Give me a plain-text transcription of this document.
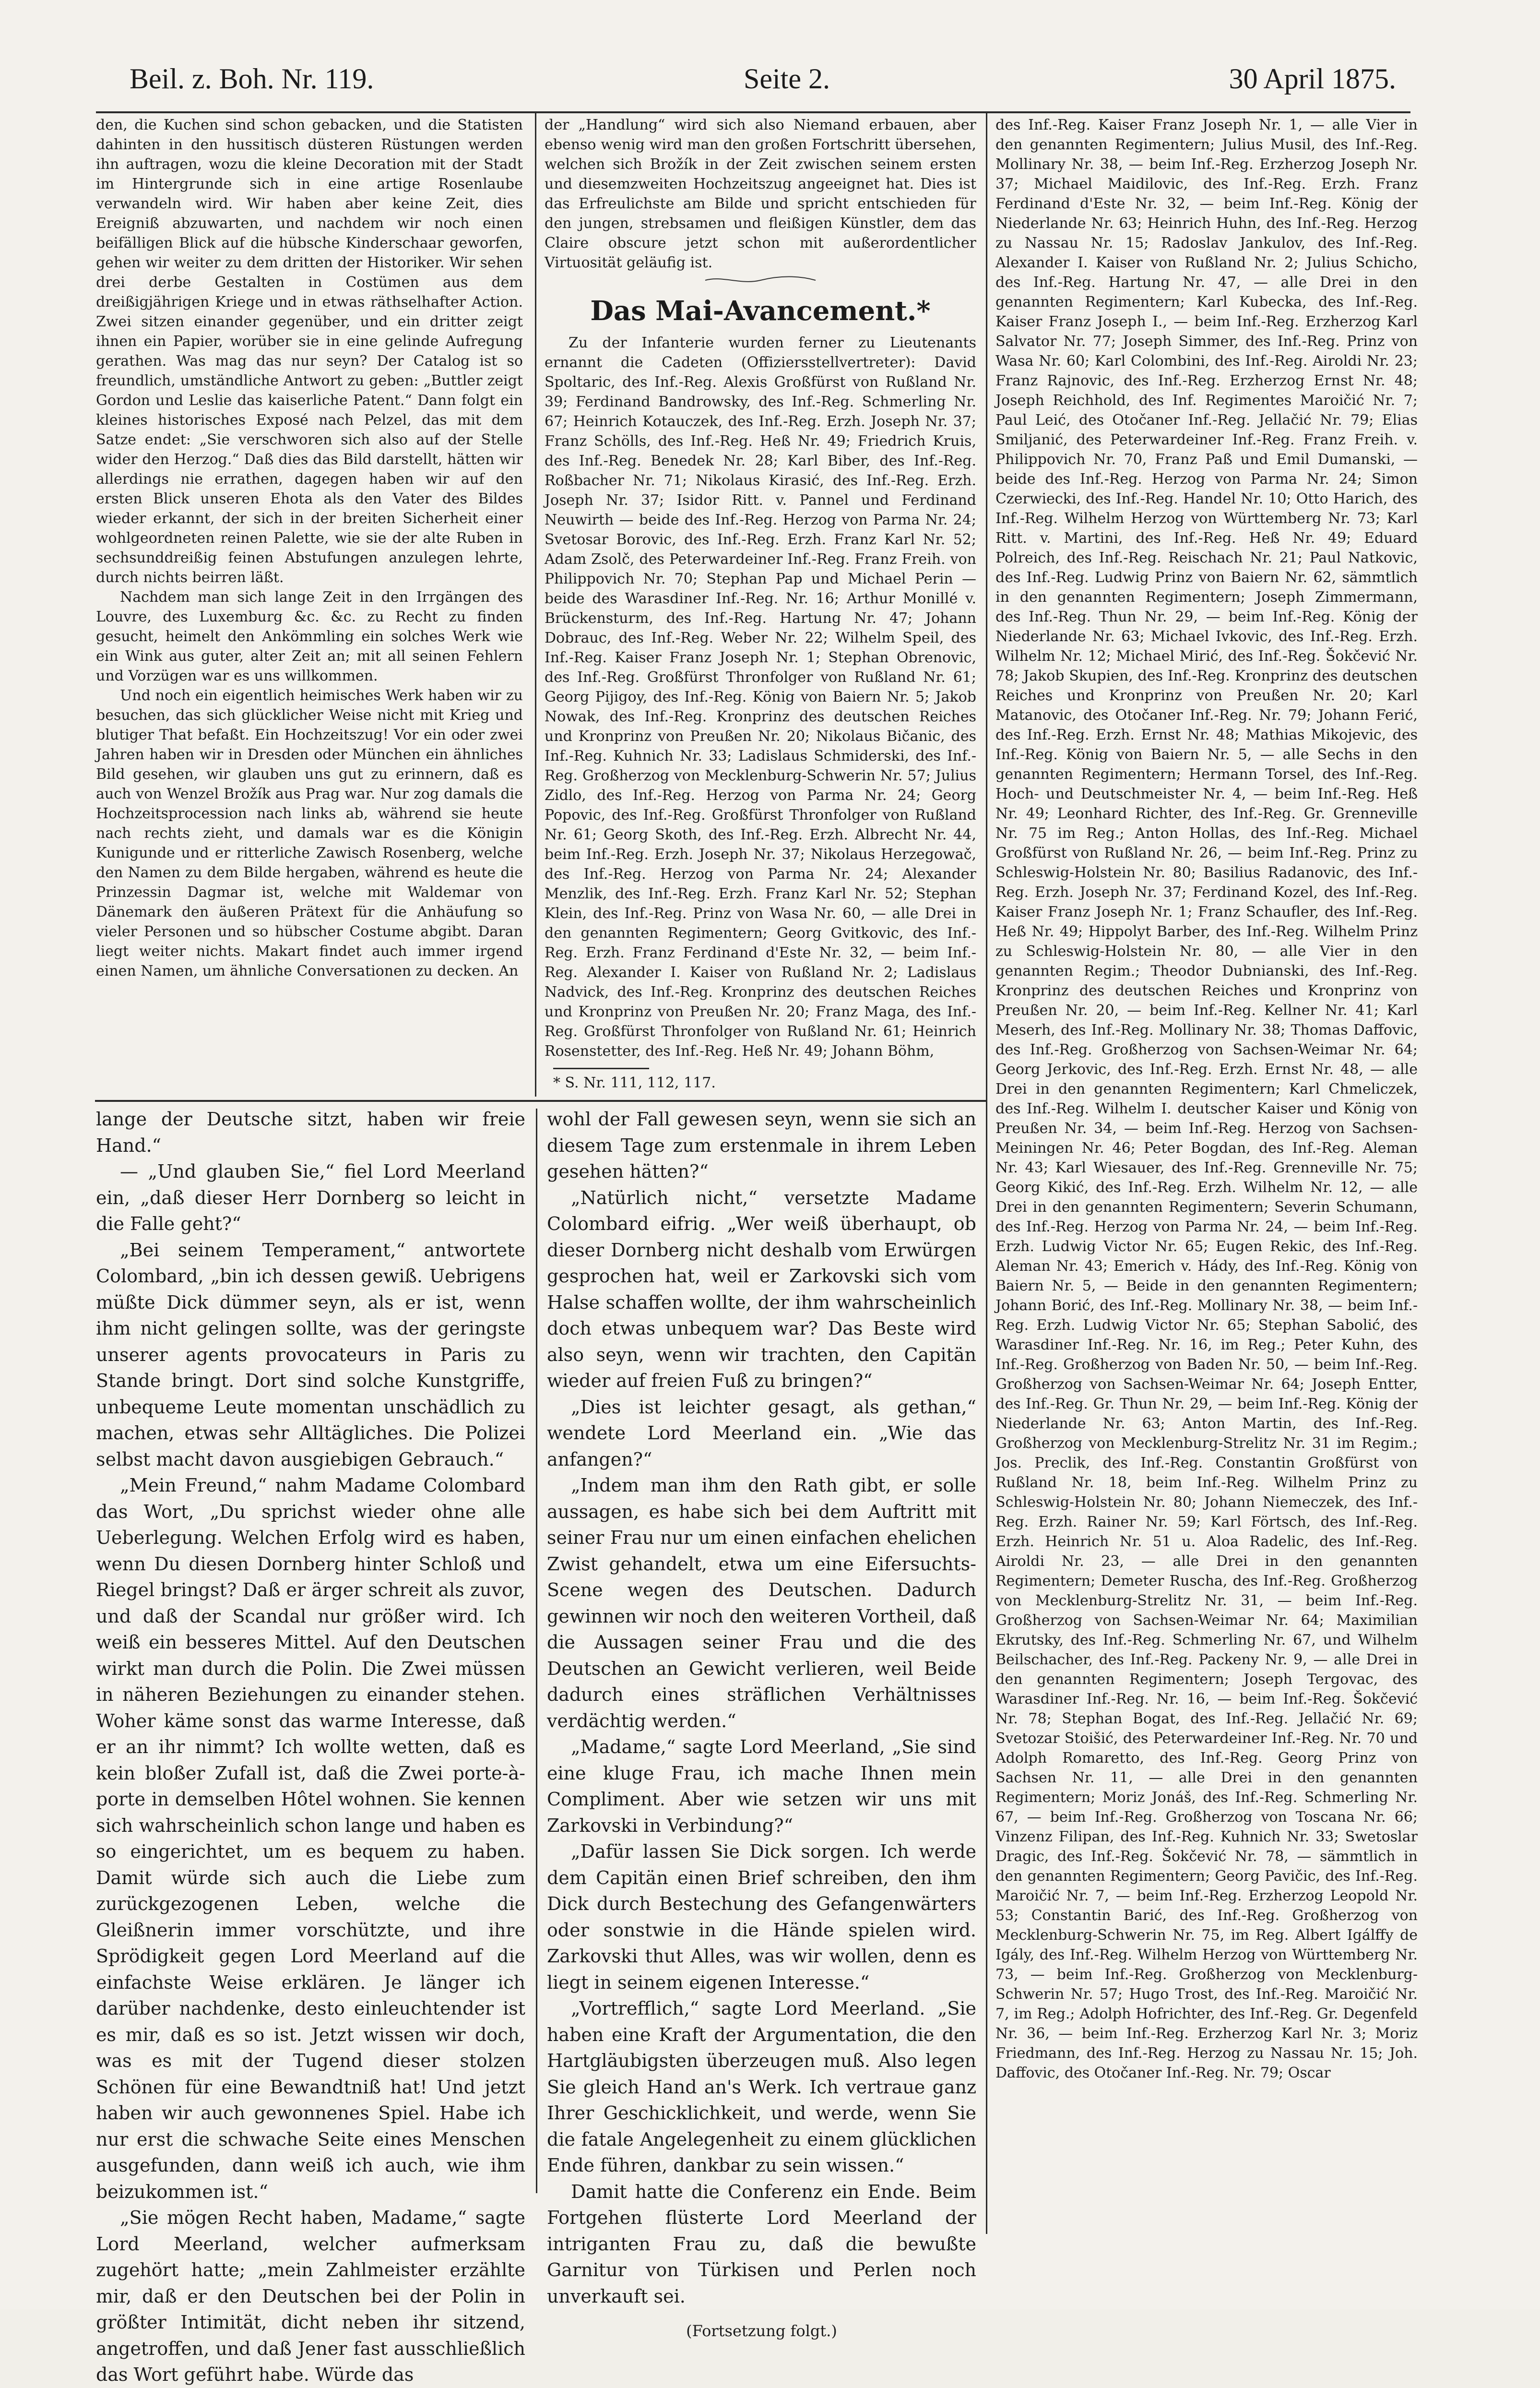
Beil. z. Boh. Nr. 119.	Seite 2.	30 April 1875.

den, die Kuchen sind schon gebacken, und die Statisten dahinten in den hussitisch düsteren Rüstungen werden ihn auftragen, wozu die kleine Decoration mit der Stadt im Hintergrunde sich in eine artige Rosenlaube verwandeln wird. Wir haben aber keine Zeit, dies Ereigniß abzuwarten, und nachdem wir noch einen beifälligen Blick auf die hübsche Kinderschaar geworfen, gehen wir weiter zu dem dritten der Historiker. Wir sehen drei derbe Gestalten in Costümen aus dem dreißigjährigen Kriege und in etwas räthselhafter Action. Zwei sitzen einander gegenüber, und ein dritter zeigt ihnen ein Papier, worüber sie in eine gelinde Aufregung gerathen. Was mag das nur seyn? Der Catalog ist so freundlich, umständliche Antwort zu geben: „Buttler zeigt Gordon und Leslie das kaiserliche Patent.“ Dann folgt ein kleines historisches Exposé nach Pelzel, das mit dem Satze endet: „Sie verschworen sich also auf der Stelle wider den Herzog.“ Daß dies das Bild darstellt, hätten wir allerdings nie errathen, dagegen haben wir auf den ersten Blick unseren Ehota als den Vater des Bildes wieder erkannt, der sich in der breiten Sicherheit einer wohlgeordneten reinen Palette, wie sie der alte Ruben in sechsunddreißig feinen Abstufungen anzulegen lehrte, durch nichts beirren läßt.

Nachdem man sich lange Zeit in den Irrgängen des Louvre, des Luxemburg &c. &c. zu Recht zu finden gesucht, heimelt den Ankömmling ein solches Werk wie ein Wink aus guter, alter Zeit an; mit all seinen Fehlern und Vorzügen war es uns willkommen.

Und noch ein eigentlich heimisches Werk haben wir zu besuchen, das sich glücklicher Weise nicht mit Krieg und blutiger That befaßt. Ein Hochzeitszug! Vor ein oder zwei Jahren haben wir in Dresden oder München ein ähnliches Bild gesehen, wir glauben uns gut zu erinnern, daß es auch von Wenzel Brožík aus Prag war. Nur zog damals die Hochzeitsprocession nach links ab, während sie heute nach rechts zieht, und damals war es die Königin Kunigunde und er ritterliche Zawisch Rosenberg, welche den Namen zu dem Bilde hergaben, während es heute die Prinzessin Dagmar ist, welche mit Waldemar von Dänemark den äußeren Prätext für die Anhäufung so vieler Personen und so hübscher Costume abgibt. Daran liegt weiter nichts. Makart findet auch immer irgend einen Namen, um ähnliche Conversationen zu decken. An

der „Handlung“ wird sich also Niemand erbauen, aber ebenso wenig wird man den großen Fortschritt übersehen, welchen sich Brožík in der Zeit zwischen seinem ersten und diesemzweiten Hochzeitszug angeeignet hat. Dies ist das Erfreulichste am Bilde und spricht entschieden für den jungen, strebsamen und fleißigen Künstler, dem das Claire obscure jetzt schon mit außerordentlicher Virtuosität geläufig ist.

Das Mai-Avancement.*

Zu der Infanterie wurden ferner zu Lieutenants ernannt die Cadeten (Offiziersstellvertreter): David Spoltaric, des Inf.-Reg. Alexis Großfürst von Rußland Nr. 39; Ferdinand Bandrowsky, des Inf.-Reg. Schmerling Nr. 67; Heinrich Kotauczek, des Inf.-Reg. Erzh. Joseph Nr. 37; Franz Schölls, des Inf.-Reg. Heß Nr. 49; Friedrich Kruis, des Inf.-Reg. Benedek Nr. 28; Karl Biber, des Inf.-Reg. Roßbacher Nr. 71; Nikolaus Kirasić, des Inf.-Reg. Erzh. Joseph Nr. 37; Isidor Ritt. v. Pannel und Ferdinand Neuwirth — beide des Inf.-Reg. Herzog von Parma Nr. 24; Svetosar Borovic, des Inf.-Reg. Erzh. Franz Karl Nr. 52; Adam Zsolč, des Peterwardeiner Inf.-Reg. Franz Freih. von Philippovich Nr. 70; Stephan Pap und Michael Perin — beide des Warasdiner Inf.-Reg. Nr. 16; Arthur Monillé v. Brückensturm, des Inf.-Reg. Hartung Nr. 47; Johann Dobrauc, des Inf.-Reg. Weber Nr. 22; Wilhelm Speil, des Inf.-Reg. Kaiser Franz Joseph Nr. 1; Stephan Obrenovic, des Inf.-Reg. Großfürst Thronfolger von Rußland Nr. 61; Georg Pijigoy, des Inf.-Reg. König von Baiern Nr. 5; Jakob Nowak, des Inf.-Reg. Kronprinz des deutschen Reiches und Kronprinz von Preußen Nr. 20; Nikolaus Bičanic, des Inf.-Reg. Kuhnich Nr. 33; Ladislaus Schmiderski, des Inf.-Reg. Großherzog von Mecklenburg-Schwerin Nr. 57; Julius Zidlo, des Inf.-Reg. Herzog von Parma Nr. 24; Georg Popovic, des Inf.-Reg. Großfürst Thronfolger von Rußland Nr. 61; Georg Skoth, des Inf.-Reg. Erzh. Albrecht Nr. 44, beim Inf.-Reg. Erzh. Joseph Nr. 37; Nikolaus Herzegowač, des Inf.-Reg. Herzog von Parma Nr. 24; Alexander Menzlik, des Inf.-Reg. Erzh. Franz Karl Nr. 52; Stephan Klein, des Inf.-Reg. Prinz von Wasa Nr. 60, — alle Drei in den genannten Regimentern; Georg Gvitkovic, des Inf.-Reg. Erzh. Franz Ferdinand d'Este Nr. 32, — beim Inf.-Reg. Alexander I. Kaiser von Rußland Nr. 2; Ladislaus Nadvick, des Inf.-Reg. Kronprinz des deutschen Reiches und Kronprinz von Preußen Nr. 20; Franz Maga, des Inf.-Reg. Großfürst Thronfolger von Rußland Nr. 61; Heinrich Rosenstetter, des Inf.-Reg. Heß Nr. 49; Johann Böhm,

* S. Nr. 111, 112, 117.

des Inf.-Reg. Kaiser Franz Joseph Nr. 1, — alle Vier in den genannten Regimentern; Julius Musil, des Inf.-Reg. Mollinary Nr. 38, — beim Inf.-Reg. Erzherzog Joseph Nr. 37; Michael Maidilovic, des Inf.-Reg. Erzh. Franz Ferdinand d'Este Nr. 32, — beim Inf.-Reg. König der Niederlande Nr. 63; Heinrich Huhn, des Inf.-Reg. Herzog zu Nassau Nr. 15; Radoslav Jankulov, des Inf.-Reg. Alexander I. Kaiser von Rußland Nr. 2; Julius Schicho, des Inf.-Reg. Hartung Nr. 47, — alle Drei in den genannten Regimentern; Karl Kubecka, des Inf.-Reg. Kaiser Franz Joseph I., — beim Inf.-Reg. Erzherzog Karl Salvator Nr. 77; Joseph Simmer, des Inf.-Reg. Prinz von Wasa Nr. 60; Karl Colombini, des Inf.-Reg. Airoldi Nr. 23; Franz Rajnovic, des Inf.-Reg. Erzherzog Ernst Nr. 48; Joseph Reichhold, des Inf. Regimentes Maroičić Nr. 7; Paul Leić, des Otočaner Inf.-Reg. Jellačić Nr. 79; Elias Smiljanić, des Peterwardeiner Inf.-Reg. Franz Freih. v. Philippovich Nr. 70, Franz Paß und Emil Dumanski, — beide des Inf.-Reg. Herzog von Parma Nr. 24; Simon Czerwiecki, des Inf.-Reg. Handel Nr. 10; Otto Harich, des Inf.-Reg. Wilhelm Herzog von Württemberg Nr. 73; Karl Ritt. v. Martini, des Inf.-Reg. Heß Nr. 49; Eduard Polreich, des Inf.-Reg. Reischach Nr. 21; Paul Natkovic, des Inf.-Reg. Ludwig Prinz von Baiern Nr. 62, sämmtlich in den genannten Regimentern; Joseph Zimmermann, des Inf.-Reg. Thun Nr. 29, — beim Inf.-Reg. König der Niederlande Nr. 63; Michael Ivkovic, des Inf.-Reg. Erzh. Wilhelm Nr. 12; Michael Mirić, des Inf.-Reg. Šokčević Nr. 78; Jakob Skupien, des Inf.-Reg. Kronprinz des deutschen Reiches und Kronprinz von Preußen Nr. 20; Karl Matanovic, des Otočaner Inf.-Reg. Nr. 79; Johann Ferić, des Inf.-Reg. Erzh. Ernst Nr. 48; Mathias Mikojevic, des Inf.-Reg. König von Baiern Nr. 5, — alle Sechs in den genannten Regimentern; Hermann Torsel, des Inf.-Reg. Hoch- und Deutschmeister Nr. 4, — beim Inf.-Reg. Heß Nr. 49; Leonhard Richter, des Inf.-Reg. Gr. Grenneville Nr. 75 im Reg.; Anton Hollas, des Inf.-Reg. Michael Großfürst von Rußland Nr. 26, — beim Inf.-Reg. Prinz zu Schleswig-Holstein Nr. 80; Basilius Radanovic, des Inf.-Reg. Erzh. Joseph Nr. 37; Ferdinand Kozel, des Inf.-Reg. Kaiser Franz Joseph Nr. 1; Franz Schaufler, des Inf.-Reg. Heß Nr. 49; Hippolyt Barber, des Inf.-Reg. Wilhelm Prinz zu Schleswig-Holstein Nr. 80, — alle Vier in den genannten Regim.; Theodor Dubnianski, des Inf.-Reg. Kronprinz des deutschen Reiches und Kronprinz von Preußen Nr. 20, — beim Inf.-Reg. Kellner Nr. 41; Karl Meserh, des Inf.-Reg. Mollinary Nr. 38; Thomas Daffovic, des Inf.-Reg. Großherzog von Sachsen-Weimar Nr. 64; Georg Jerkovic, des Inf.-Reg. Erzh. Ernst Nr. 48, — alle Drei in den genannten Regimentern; Karl Chmeliczek, des Inf.-Reg. Wilhelm I. deutscher Kaiser und König von Preußen Nr. 34, — beim Inf.-Reg. Herzog von Sachsen-Meiningen Nr. 46; Peter Bogdan, des Inf.-Reg. Aleman Nr. 43; Karl Wiesauer, des Inf.-Reg. Grenneville Nr. 75; Georg Kikić, des Inf.-Reg. Erzh. Wilhelm Nr. 12, — alle Drei in den genannten Regimentern; Severin Schumann, des Inf.-Reg. Herzog von Parma Nr. 24, — beim Inf.-Reg. Erzh. Ludwig Victor Nr. 65; Eugen Rekic, des Inf.-Reg. Aleman Nr. 43; Emerich v. Hády, des Inf.-Reg. König von Baiern Nr. 5, — Beide in den genannten Regimentern; Johann Borić, des Inf.-Reg. Mollinary Nr. 38, — beim Inf.-Reg. Erzh. Ludwig Victor Nr. 65; Stephan Sabolić, des Warasdiner Inf.-Reg. Nr. 16, im Reg.; Peter Kuhn, des Inf.-Reg. Großherzog von Baden Nr. 50, — beim Inf.-Reg. Großherzog von Sachsen-Weimar Nr. 64; Joseph Entter, des Inf.-Reg. Gr. Thun Nr. 29, — beim Inf.-Reg. König der Niederlande Nr. 63; Anton Martin, des Inf.-Reg. Großherzog von Mecklenburg-Strelitz Nr. 31 im Regim.; Jos. Preclik, des Inf.-Reg. Constantin Großfürst von Rußland Nr. 18, beim Inf.-Reg. Wilhelm Prinz zu Schleswig-Holstein Nr. 80; Johann Niemeczek, des Inf.-Reg. Erzh. Rainer Nr. 59; Karl Förtsch, des Inf.-Reg. Erzh. Heinrich Nr. 51 u. Aloa Radelic, des Inf.-Reg. Airoldi Nr. 23, — alle Drei in den genannten Regimentern; Demeter Ruscha, des Inf.-Reg. Großherzog von Mecklenburg-Strelitz Nr. 31, — beim Inf.-Reg. Großherzog von Sachsen-Weimar Nr. 64; Maximilian Ekrutsky, des Inf.-Reg. Schmerling Nr. 67, und Wilhelm Beilschacher, des Inf.-Reg. Packeny Nr. 9, — alle Drei in den genannten Regimentern; Joseph Tergovac, des Warasdiner Inf.-Reg. Nr. 16, — beim Inf.-Reg. Šokčević Nr. 78; Stephan Bogat, des Inf.-Reg. Jellačić Nr. 69; Svetozar Stoišić, des Peterwardeiner Inf.-Reg. Nr. 70 und Adolph Romaretto, des Inf.-Reg. Georg Prinz von Sachsen Nr. 11, — alle Drei in den genannten Regimentern; Moriz Jonáš, des Inf.-Reg. Schmerling Nr. 67, — beim Inf.-Reg. Großherzog von Toscana Nr. 66; Vinzenz Filipan, des Inf.-Reg. Kuhnich Nr. 33; Swetoslar Dragic, des Inf.-Reg. Šokčević Nr. 78, — sämmtlich in den genannten Regimentern; Georg Pavičic, des Inf.-Reg. Maroičić Nr. 7, — beim Inf.-Reg. Erzherzog Leopold Nr. 53; Constantin Barić, des Inf.-Reg. Großherzog von Mecklenburg-Schwerin Nr. 75, im Reg. Albert Igálffy de Igály, des Inf.-Reg. Wilhelm Herzog von Württemberg Nr. 73, — beim Inf.-Reg. Großherzog von Mecklenburg-Schwerin Nr. 57; Hugo Trost, des Inf.-Reg. Maroičić Nr. 7, im Reg.; Adolph Hofrichter, des Inf.-Reg. Gr. Degenfeld Nr. 36, — beim Inf.-Reg. Erzherzog Karl Nr. 3; Moriz Friedmann, des Inf.-Reg. Herzog zu Nassau Nr. 15; Joh. Daffovic, des Otočaner Inf.-Reg. Nr. 79; Oscar

lange der Deutsche sitzt, haben wir freie Hand.“

— „Und glauben Sie,“ fiel Lord Meerland ein, „daß dieser Herr Dornberg so leicht in die Falle geht?“

„Bei seinem Temperament,“ antwortete Colombard, „bin ich dessen gewiß. Uebrigens müßte Dick dümmer seyn, als er ist, wenn ihm nicht gelingen sollte, was der geringste unserer agents provocateurs in Paris zu Stande bringt. Dort sind solche Kunstgriffe, unbequeme Leute momentan unschädlich zu machen, etwas sehr Alltägliches. Die Polizei selbst macht davon ausgiebigen Gebrauch.“

„Mein Freund,“ nahm Madame Colombard das Wort, „Du sprichst wieder ohne alle Ueberlegung. Welchen Erfolg wird es haben, wenn Du diesen Dornberg hinter Schloß und Riegel bringst? Daß er ärger schreit als zuvor, und daß der Scandal nur größer wird. Ich weiß ein besseres Mittel. Auf den Deutschen wirkt man durch die Polin. Die Zwei müssen in näheren Beziehungen zu einander stehen. Woher käme sonst das warme Interesse, daß er an ihr nimmt? Ich wollte wetten, daß es kein bloßer Zufall ist, daß die Zwei porte-à-porte in demselben Hôtel wohnen. Sie kennen sich wahrscheinlich schon lange und haben es so eingerichtet, um es bequem zu haben. Damit würde sich auch die Liebe zum zurückgezogenen Leben, welche die Gleißnerin immer vorschützte, und ihre Sprödigkeit gegen Lord Meerland auf die einfachste Weise erklären. Je länger ich darüber nachdenke, desto einleuchtender ist es mir, daß es so ist. Jetzt wissen wir doch, was es mit der Tugend dieser stolzen Schönen für eine Bewandtniß hat! Und jetzt haben wir auch gewonnenes Spiel. Habe ich nur erst die schwache Seite eines Menschen ausgefunden, dann weiß ich auch, wie ihm beizukommen ist.“

„Sie mögen Recht haben, Madame,“ sagte Lord Meerland, welcher aufmerksam zugehört hatte; „mein Zahlmeister erzählte mir, daß er den Deutschen bei der Polin in größter Intimität, dicht neben ihr sitzend, angetroffen, und daß Jener fast ausschließlich das Wort geführt habe. Würde das

wohl der Fall gewesen seyn, wenn sie sich an diesem Tage zum erstenmale in ihrem Leben gesehen hätten?“

„Natürlich nicht,“ versetzte Madame Colombard eifrig. „Wer weiß überhaupt, ob dieser Dornberg nicht deshalb vom Erwürgen gesprochen hat, weil er Zarkovski sich vom Halse schaffen wollte, der ihm wahrscheinlich doch etwas unbequem war? Das Beste wird also seyn, wenn wir trachten, den Capitän wieder auf freien Fuß zu bringen?“

„Dies ist leichter gesagt, als gethan,“ wendete Lord Meerland ein. „Wie das anfangen?“

„Indem man ihm den Rath gibt, er solle aussagen, es habe sich bei dem Auftritt mit seiner Frau nur um einen einfachen ehelichen Zwist gehandelt, etwa um eine Eifersuchts-Scene wegen des Deutschen. Dadurch gewinnen wir noch den weiteren Vortheil, daß die Aussagen seiner Frau und die des Deutschen an Gewicht verlieren, weil Beide dadurch eines sträflichen Verhältnisses verdächtig werden.“

„Madame,“ sagte Lord Meerland, „Sie sind eine kluge Frau, ich mache Ihnen mein Compliment. Aber wie setzen wir uns mit Zarkovski in Verbindung?“

„Dafür lassen Sie Dick sorgen. Ich werde dem Capitän einen Brief schreiben, den ihm Dick durch Bestechung des Gefangenwärters oder sonstwie in die Hände spielen wird. Zarkovski thut Alles, was wir wollen, denn es liegt in seinem eigenen Interesse.“

„Vortrefflich,“ sagte Lord Meerland. „Sie haben eine Kraft der Argumentation, die den Hartgläubigsten überzeugen muß. Also legen Sie gleich Hand an's Werk. Ich vertraue ganz Ihrer Geschicklichkeit, und werde, wenn Sie die fatale Angelegenheit zu einem glücklichen Ende führen, dankbar zu sein wissen.“

Damit hatte die Conferenz ein Ende. Beim Fortgehen flüsterte Lord Meerland der intriganten Frau zu, daß die bewußte Garnitur von Türkisen und Perlen noch unverkauft sei.

(Fortsetzung folgt.)
